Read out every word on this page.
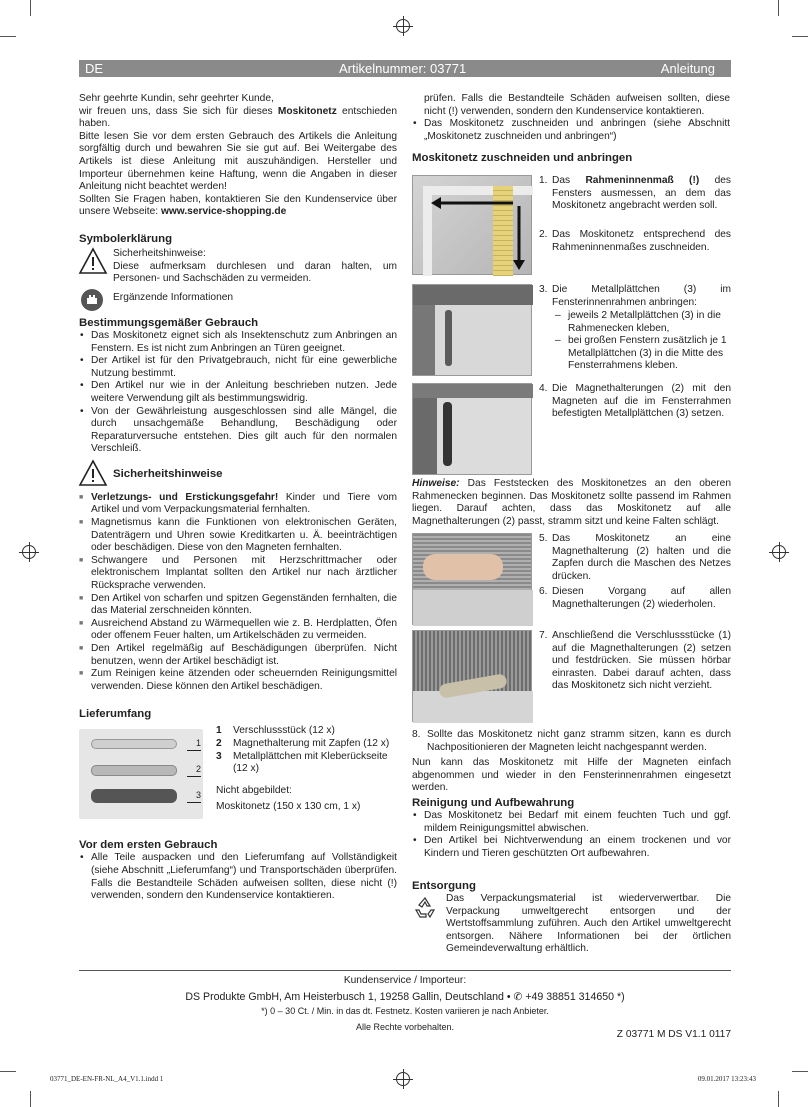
DE	Artikelnummer: 03771	Anleitung

Sehr geehrte Kundin, sehr geehrter Kunde,

wir freuen uns, dass Sie sich für dieses Moskitonetz entschieden haben.

Bitte lesen Sie vor dem ersten Gebrauch des Artikels die Anleitung sorgfältig durch und bewahren Sie sie gut auf. Bei Weitergabe des Artikels ist diese Anleitung mit auszuhändigen. Hersteller und Importeur übernehmen keine Haftung, wenn die Angaben in dieser Anleitung nicht beachtet werden!

Sollten Sie Fragen haben, kontaktieren Sie den Kundenservice über unsere Webseite: www.service-shopping.de

Symbolerklärung
Sicherheitshinweise:
Diese aufmerksam durchlesen und daran halten, um Personen- und Sachschäden zu vermeiden.
Ergänzende Informationen
Bestimmungsgemäßer Gebrauch
• Das Moskitonetz eignet sich als Insektenschutz zum Anbringen an Fenstern. Es ist nicht zum Anbringen an Türen geeignet.
• Der Artikel ist für den Privatgebrauch, nicht für eine gewerbliche Nutzung bestimmt.
• Den Artikel nur wie in der Anleitung beschrieben nutzen. Jede weitere Verwendung gilt als bestimmungswidrig.
• Von der Gewährleistung ausgeschlossen sind alle Mängel, die durch unsachgemäße Behandlung, Beschädigung oder Reparaturversuche entstehen. Dies gilt auch für den normalen Verschleiß.
Sicherheitshinweise
■ Verletzungs- und Erstickungsgefahr! Kinder und Tiere vom Artikel und vom Verpackungsmaterial fernhalten.
■ Magnetismus kann die Funktionen von elektronischen Geräten, Datenträgern und Uhren sowie Kreditkarten u. Ä. beeinträchtigen oder beschädigen. Diese von den Magneten fernhalten.
■ Schwangere und Personen mit Herzschrittmacher oder elektronischem Implantat sollten den Artikel nur nach ärztlicher Rücksprache verwenden.
■ Den Artikel von scharfen und spitzen Gegenständen fernhalten, die das Material zerschneiden könnten.
■ Ausreichend Abstand zu Wärmequellen wie z. B. Herdplatten, Öfen oder offenem Feuer halten, um Artikelschäden zu vermeiden.
■ Den Artikel regelmäßig auf Beschädigungen überprüfen. Nicht benutzen, wenn der Artikel beschädigt ist.
■ Zum Reinigen keine ätzenden oder scheuernden Reinigungsmittel verwenden. Diese können den Artikel beschädigen.
Lieferumfang
1
2
3
1 Verschlussstück (12 x)
2 Magnethalterung mit Zapfen (12 x)
3 Metallplättchen mit Kleberückseite (12 x)
Nicht abgebildet:
Moskitonetz (150 x 130 cm, 1 x)
Vor dem ersten Gebrauch
• Alle Teile auspacken und den Lieferumfang auf Vollständigkeit (siehe Abschnitt „Lieferumfang“) und Transportschäden überprüfen. Falls die Bestandteile Schäden aufweisen sollten, diese nicht (!) verwenden, sondern den Kundenservice kontaktieren.
prüfen. Falls die Bestandteile Schäden aufweisen sollten, diese nicht (!) verwenden, sondern den Kundenservice kontaktieren.
• Das Moskitonetz zuschneiden und anbringen (siehe Abschnitt „Moskitonetz zuschneiden und anbringen“)
Moskitonetz zuschneiden und anbringen
1. Das Rahmeninnenmaß (!) des Fensters ausmessen, an dem das Moskitonetz angebracht werden soll.
2. Das Moskitonetz entsprechend des Rahmeninnenmaßes zuschneiden.
3. Die Metallplättchen (3) im Fensterinnenrahmen anbringen:
– jeweils 2 Metallplättchen (3) in die Rahmenecken kleben,
– bei großen Fenstern zusätzlich je 1 Metallplättchen (3) in die Mitte des Fensterrahmens kleben.
4. Die Magnethalterungen (2) mit den Magneten auf die im Fensterrahmen befestigten Metallplättchen (3) setzen.
Hinweise: Das Feststecken des Moskitonetzes an den oberen Rahmenecken beginnen. Das Moskitonetz sollte passend im Rahmen liegen. Darauf achten, dass das Moskitonetz auf alle Magnethalterungen (2) passt, stramm sitzt und keine Falten schlägt.
5. Das Moskitonetz an eine Magnethalterung (2) halten und die Zapfen durch die Maschen des Netzes drücken.
6. Diesen Vorgang auf allen Magnethalterungen (2) wiederholen.
7. Anschließend die Verschlussstücke (1) auf die Magnethalterungen (2) setzen und festdrücken. Sie müssen hörbar einrasten. Dabei darauf achten, dass das Moskitonetz sich nicht verzieht.
8. Sollte das Moskitonetz nicht ganz stramm sitzen, kann es durch Nachpositionieren der Magneten leicht nachgespannt werden.
Nun kann das Moskitonetz mit Hilfe der Magneten einfach abgenommen und wieder in den Fensterinnenrahmen eingesetzt werden.
Reinigung und Aufbewahrung
• Das Moskitonetz bei Bedarf mit einem feuchten Tuch und ggf. mildem Reinigungsmittel abwischen.
• Den Artikel bei Nichtverwendung an einem trockenen und vor Kindern und Tieren geschützten Ort aufbewahren.
Entsorgung
Das Verpackungsmaterial ist wiederverwertbar. Die Verpackung umweltgerecht entsorgen und der Wertstoffsammlung zuführen. Auch den Artikel umweltgerecht entsorgen. Nähere Informationen bei der örtlichen Gemeindeverwaltung erhältlich.
Kundenservice / Importeur:
DS Produkte GmbH, Am Heisterbusch 1, 19258 Gallin, Deutschland • ✆ +49 38851 314650 *)
*) 0 – 30 Ct. / Min. in das dt. Festnetz. Kosten variieren je nach Anbieter.
Alle Rechte vorbehalten.
Z 03771 M DS V1.1 0117
03771_DE-EN-FR-NL_A4_V1.1.indd 1	09.01.2017 13:23:43
